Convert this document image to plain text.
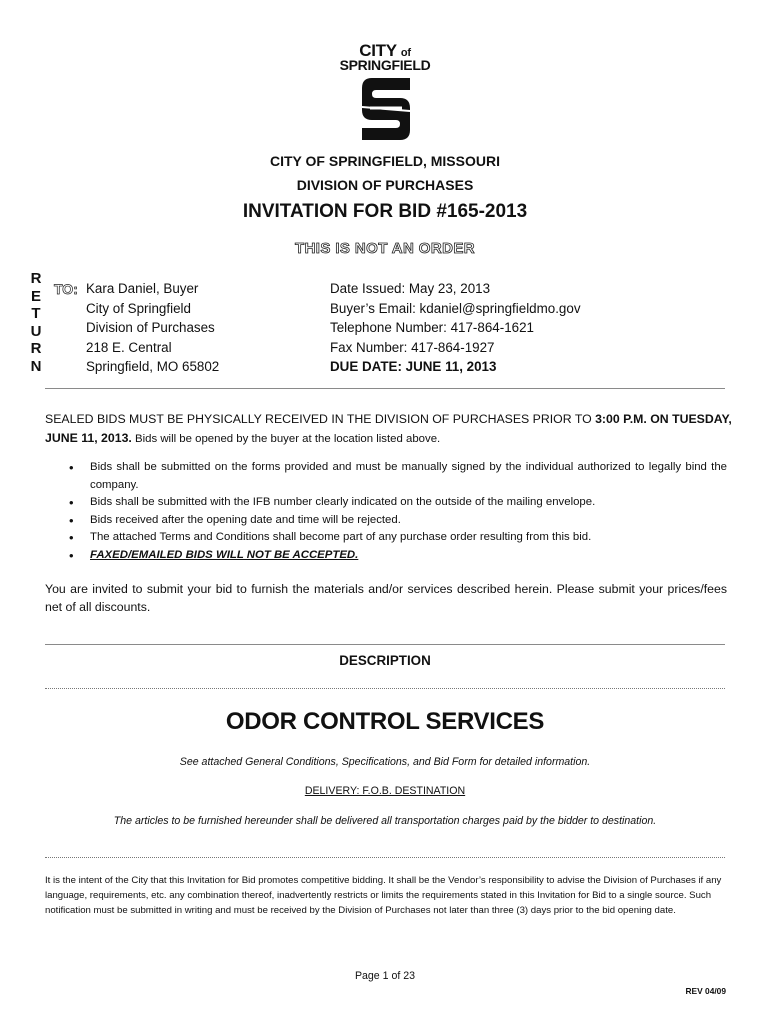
CITY of
SPRINGFIELD
CITY OF SPRINGFIELD, MISSOURI
DIVISION OF PURCHASES
INVITATION FOR BID #165-2013
THIS IS NOT AN ORDER
R
E
T
U
R
N
TO: Kara Daniel, Buyer
City of Springfield
Division of Purchases
218 E. Central
Springfield, MO 65802
Date Issued: May 23, 2013
Buyer’s Email: kdaniel@springfieldmo.gov
Telephone Number: 417-864-1621
Fax Number: 417-864-1927
DUE DATE: JUNE 11, 2013
SEALED BIDS MUST BE PHYSICALLY RECEIVED IN THE DIVISION OF PURCHASES PRIOR TO 3:00 P.M. ON TUESDAY, JUNE 11, 2013. Bids will be opened by the buyer at the location listed above.
• Bids shall be submitted on the forms provided and must be manually signed by the individual authorized to legally bind the company.
• Bids shall be submitted with the IFB number clearly indicated on the outside of the mailing envelope.
• Bids received after the opening date and time will be rejected.
• The attached Terms and Conditions shall become part of any purchase order resulting from this bid.
• FAXED/EMAILED BIDS WILL NOT BE ACCEPTED.
You are invited to submit your bid to furnish the materials and/or services described herein. Please submit your prices/fees net of all discounts.
DESCRIPTION
ODOR CONTROL SERVICES
See attached General Conditions, Specifications, and Bid Form for detailed information.
DELIVERY: F.O.B. DESTINATION
The articles to be furnished hereunder shall be delivered all transportation charges paid by the bidder to destination.
It is the intent of the City that this Invitation for Bid promotes competitive bidding. It shall be the Vendor’s responsibility to advise the Division of Purchases if any language, requirements, etc. any combination thereof, inadvertently restricts or limits the requirements stated in this Invitation for Bid to a single source. Such notification must be submitted in writing and must be received by the Division of Purchases not later than three (3) days prior to the bid opening date.
Page 1 of 23
REV 04/09
